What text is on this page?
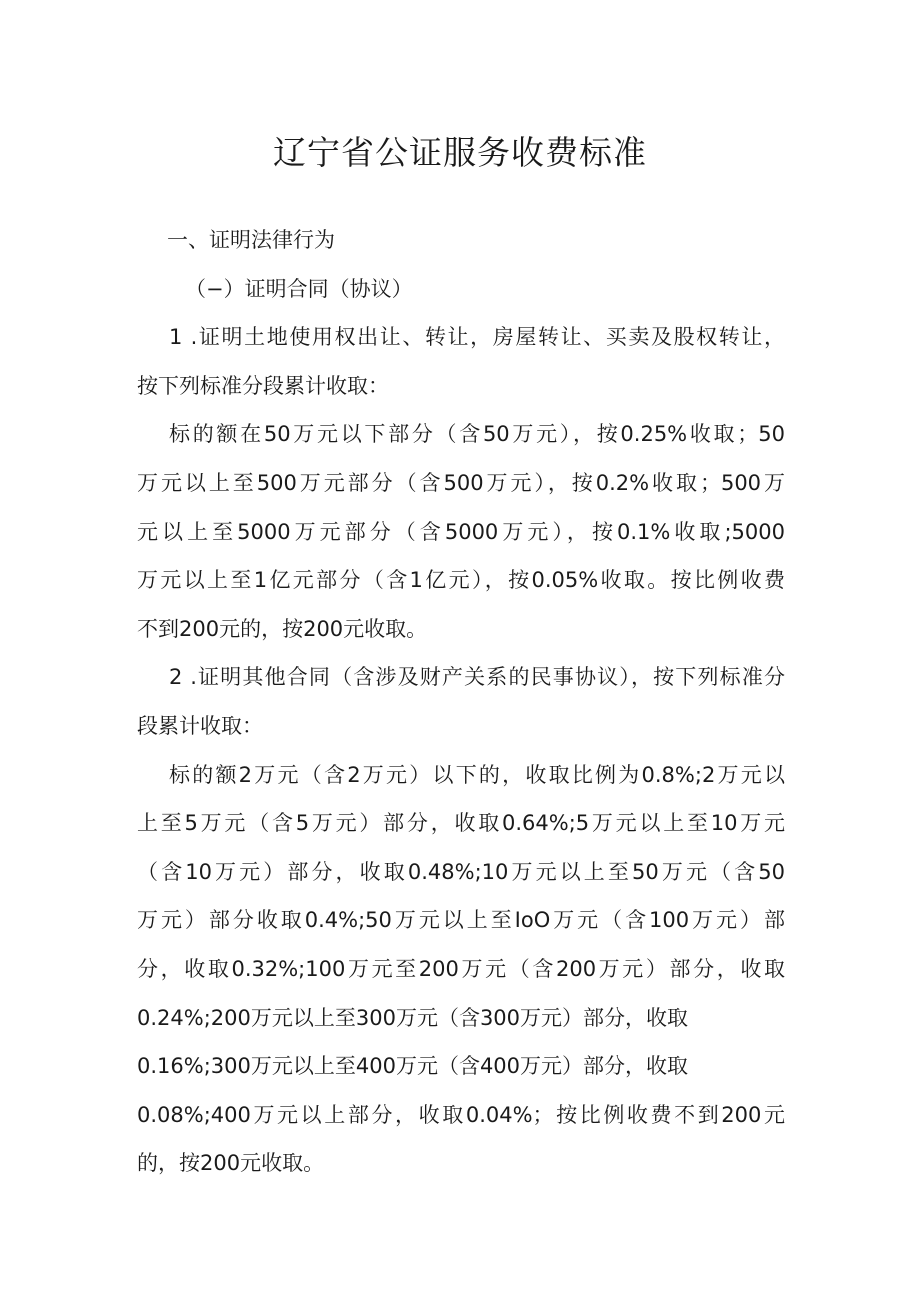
辽宁省公证服务收费标准
一、证明法律行为
（−）证明合同（协议）
1 .证明土地使用权出让、转让，房屋转让、买卖及股权转让，
按下列标准分段累计收取：
标的额在50万元以下部分（含50万元），按0.25%收取；50
万元以上至500万元部分（含500万元），按0.2%收取；500万
元以上至5000万元部分（含5000万元），按0.1%收取;5000
万元以上至1亿元部分（含1亿元），按0.05%收取。按比例收费
不到200元的，按200元收取。
2 .证明其他合同（含涉及财产关系的民事协议），按下列标准分
段累计收取：
标的额2万元（含2万元）以下的，收取比例为0.8%;2万元以
上至5万元（含5万元）部分，收取0.64%;5万元以上至10万元
（含10万元）部分，收取0.48%;10万元以上至50万元（含50
万元）部分收取0.4%;50万元以上至IoO万元（含100万元）部
分，收取0.32%;100万元至200万元（含200万元）部分，收取
0.24%;200万元以上至300万元（含300万元）部分，收取
0.16%;300万元以上至400万元（含400万元）部分，收取
0.08%;400万元以上部分，收取0.04%；按比例收费不到200元
的，按200元收取。
